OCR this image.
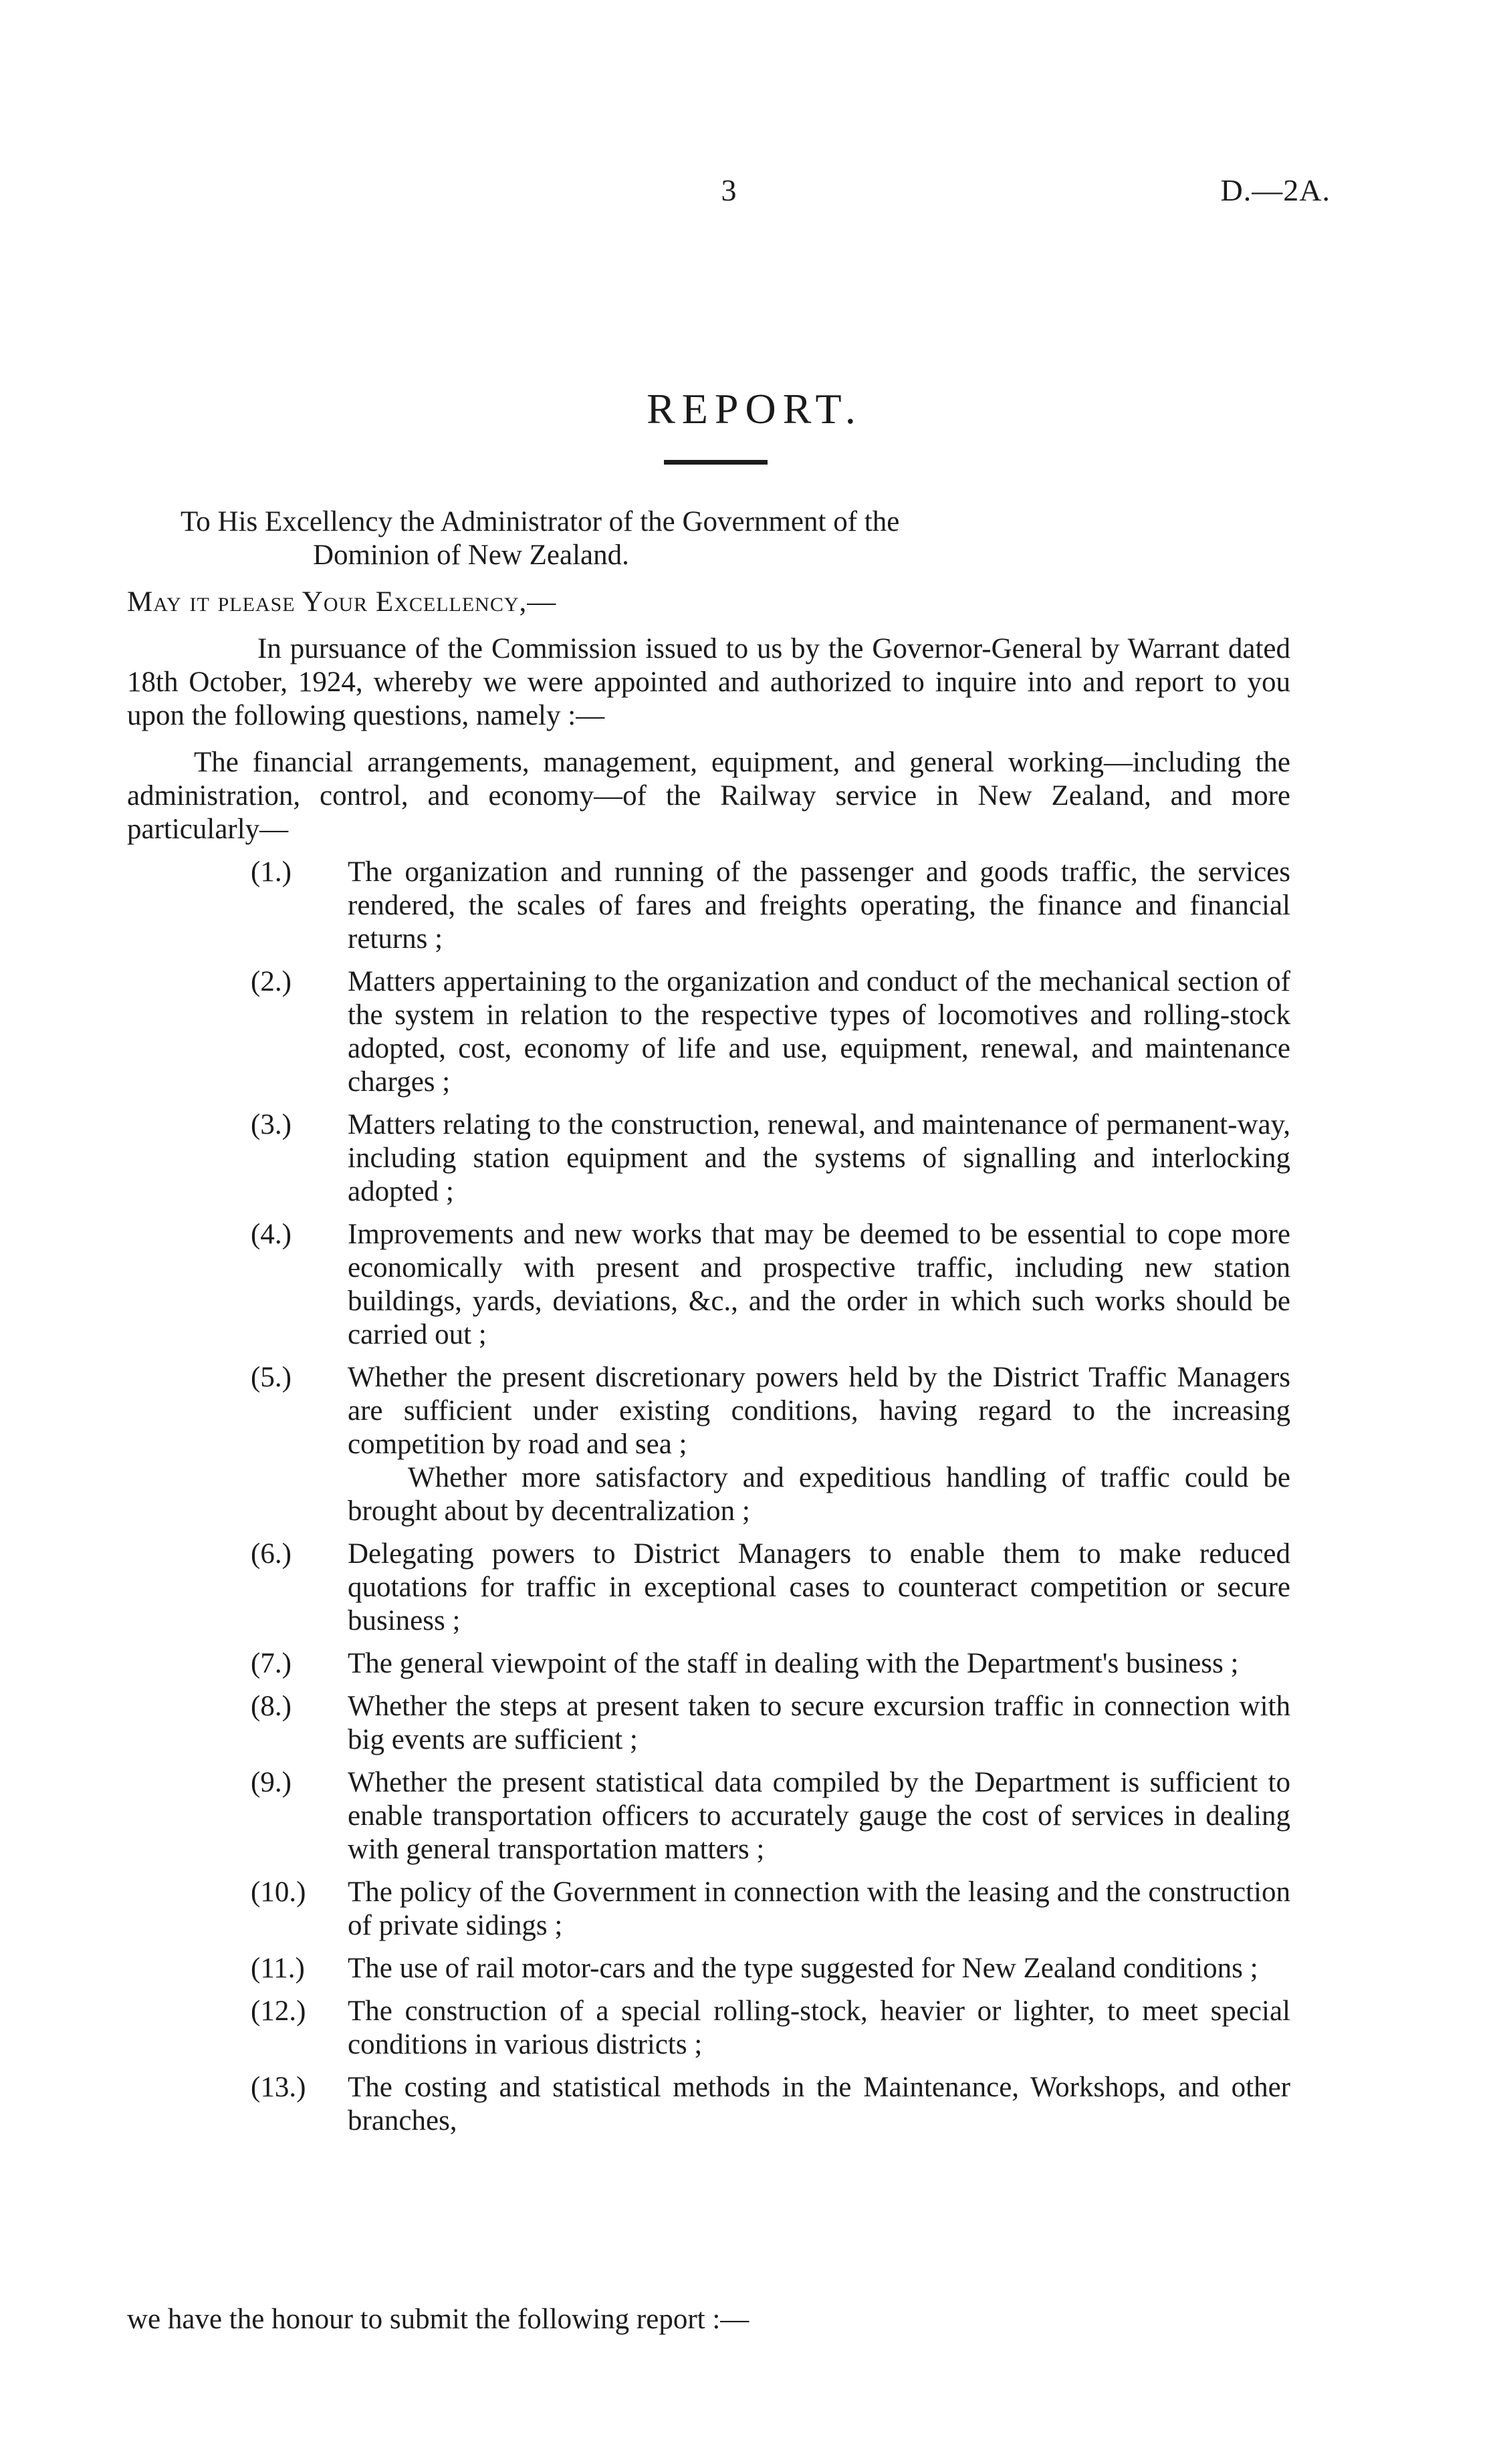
3	D.—2A.
REPORT.
To His Excellency the Administrator of the Government of the
Dominion of New Zealand.
May it please Your Excellency,—
In pursuance of the Commission issued to us by the Governor-General by Warrant dated 18th October, 1924, whereby we were appointed and authorized to inquire into and report to you upon the following questions, namely :—
The financial arrangements, management, equipment, and general working—including the administration, control, and economy—of the Railway service in New Zealand, and more particularly—
(1.)	The organization and running of the passenger and goods traffic, the services rendered, the scales of fares and freights operating, the finance and financial returns ;
(2.)	Matters appertaining to the organization and conduct of the mechanical section of the system in relation to the respective types of locomotives and rolling-stock adopted, cost, economy of life and use, equipment, renewal, and maintenance charges ;
(3.)	Matters relating to the construction, renewal, and maintenance of permanent-way, including station equipment and the systems of signalling and interlocking adopted ;
(4.)	Improvements and new works that may be deemed to be essential to cope more economically with present and prospective traffic, including new station buildings, yards, deviations, &c., and the order in which such works should be carried out ;
(5.)	Whether the present discretionary powers held by the District Traffic Managers are sufficient under existing conditions, having regard to the increasing competition by road and sea ;
Whether more satisfactory and expeditious handling of traffic could be brought about by decentralization ;
(6.)	Delegating powers to District Managers to enable them to make reduced quotations for traffic in exceptional cases to counteract competition or secure business ;
(7.)	The general viewpoint of the staff in dealing with the Department's business ;
(8.)	Whether the steps at present taken to secure excursion traffic in connection with big events are sufficient ;
(9.)	Whether the present statistical data compiled by the Department is sufficient to enable transportation officers to accurately gauge the cost of services in dealing with general transportation matters ;
(10.)	The policy of the Government in connection with the leasing and the construction of private sidings ;
(11.)	The use of rail motor-cars and the type suggested for New Zealand conditions ;
(12.)	The construction of a special rolling-stock, heavier or lighter, to meet special conditions in various districts ;
(13.)	The costing and statistical methods in the Maintenance, Workshops, and other branches,
we have the honour to submit the following report :—
